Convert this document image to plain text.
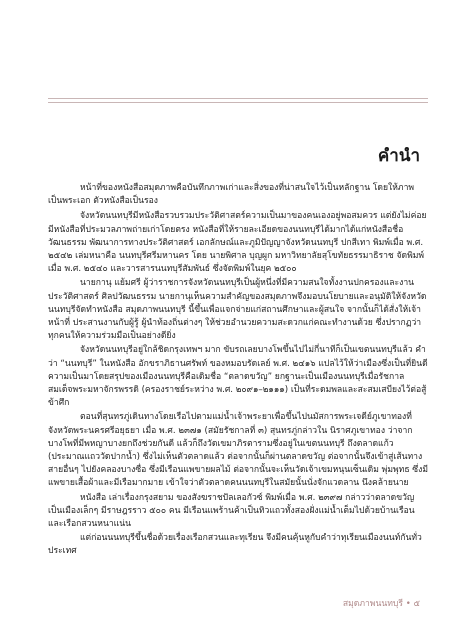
คำนำ

หน้าที่ของหนังสือสมุดภาพคือบันทึกภาพเก่าและสิ่งของที่น่าสนใจไว้เป็นหลักฐาน โดยให้ภาพเป็นพระเอก ตัวหนังสือเป็นรอง

จังหวัดนนทบุรีมีหนังสือรวบรวมประวัติศาสตร์ความเป็นมาของคนเองอยู่พอสมควร แต่ยังไม่ค่อยมีหนังสือที่ประมวลภาพถ่ายเก่าโดยตรง หนังสือที่ให้รายละเอียดของนนทบุรีได้มากได้แก่หนังสือชื่อ วัฒนธรรม พัฒนาการทางประวัติศาสตร์ เอกลักษณ์และภูมิปัญญาจังหวัดนนทบุรี ปกสีเทา พิมพ์เมื่อ พ.ศ. ๒๕๔๒ เล่มหนาคือ นนทบุรีศรีมหานคร โดย นายพิศาล บุญผูก มหาวิทยาลัยสุโขทัยธรรมาธิราช จัดพิมพ์เมื่อ พ.ศ. ๒๕๔๐ และวารสารนนทบุรีสัมพันธ์ ซึ่งจัดพิมพ์ในยุค ๒๕๐๐

นายกานุ แย้มศรี ผู้ว่าราชการจังหวัดนนทบุรีเป็นผู้หนึ่งที่มีความสนใจทั้งงานปกครองและงานประวัติศาสตร์ ศิลปวัฒนธรรม นายกานุเห็นความสำคัญของสมุดภาพจึงมอบนโยบายและอนุมัติให้จังหวัดนนทบุรีจัดทำหนังสือ สมุดภาพนนทบุรี นี้ขึ้นเพื่อแจกจ่ายแก่สถานศึกษาและผู้สนใจ จากนั้นก็ได้สั่งให้เจ้าหน้าที่ ประสานงานกับผู้รู้ ผู้นำท้องถิ่นต่างๆ ให้ช่วยอำนวยความสะดวกแก่คณะทำงานด้วย ซึ่งปรากฏว่าทุกคนให้ความร่วมมือเป็นอย่างดียิ่ง

จังหวัดนนทบุรีอยู่ใกล้ชิดกรุงเทพฯ มาก ขับรถเลยบางโพขึ้นไปไม่กี่นาทีก็เป็นเขตนนทบุรีแล้ว คำว่า “นนทบุรี” ในหนังสือ อักขราภิธานศรัพท์ ของหมอบรัดเลย์ พ.ศ. ๒๔๑๖ แปลไว้ให้ว่าเมืองซึ่งเป็นที่ยินดี ความเป็นมาโดยสรุปของเมืองนนทบุรีคือเดิมชื่อ “ตลาดขวัญ” ยกฐานะเป็นเมืองนนทบุรีเมื่อรัชกาลสมเด็จพระมหาจักรพรรดิ (ครองราชย์ระหว่าง พ.ศ. ๒๐๙๑–๒๑๑๑) เป็นที่ระดมพลและสะสมเสบียงไว้ต่อสู้ข้าศึก

ตอนที่สุนทรภู่เดินทางโดยเรือไปตามแม่น้ำเจ้าพระยาเพื่อขึ้นไปนมัสการพระเจดีย์ภูเขาทองที่จังหวัดพระนครศรีอยุธยา เมื่อ พ.ศ. ๒๓๗๑ (สมัยรัชกาลที่ ๓) สุนทรภู่กล่าวใน นิราศภูเขาทอง ว่าจากบางโพที่มีพหญาบางยกถึงช่วยกันดี แล้วก็ถึงวัดเขมาภิรตารามซึ่งอยู่ในเขตนนทบุรี ถึงตลาดแก้ว (ประมาณแถววัดปากน้ำ) ซึ่งไม่เห็นตัวตลาดแล้ว ต่อจากนั้นก็ผ่านตลาดขวัญ ต่อจากนั้นจึงเข้าสู่เส้นทางสายอื่นๆ ไปยังคลองบางซื่อ ซึ่งมีเรือนแพขายผลไม้ ต่อจากนั้นจะเห็นวัดเจ้าเขมหนุนเซ็นเดิม พุ่มพุทธ ซึ่งมีแพขายเสื้อผ้าและมีเรือมากมาย เข้าใจว่าตัวตลาดคนนนทบุรีในสมัยนั้นนั่งจักแวดลาน นึงคล้ายนาย

หนังสือ เล่าเรื่องกรุงสยาม ของสังฆราชปัลเลอกัวซ์ พิมพ์เมื่อ พ.ศ. ๒๓๙๗ กล่าวว่าตลาดขวัญเป็นเมืองเล็กๆ มีราษฎรราว ๕๐๐ คน มีเรือนแพร้านค้าเป็นทิวแถวทั้งสองฝั่งแม่น้ำเต็มไปด้วยบ้านเรือนและเรือกสวนหนาแน่น

แต่ก่อนนนทบุรีขึ้นชื่อด้วยเรื่องเรือกสวนและทุเรียน จึงมีคนคุ้นหูกับคำว่าทุเรียนเมืองนนท์กันทั่วประเทศ

สมุดภาพนนทบุรี • ๕
